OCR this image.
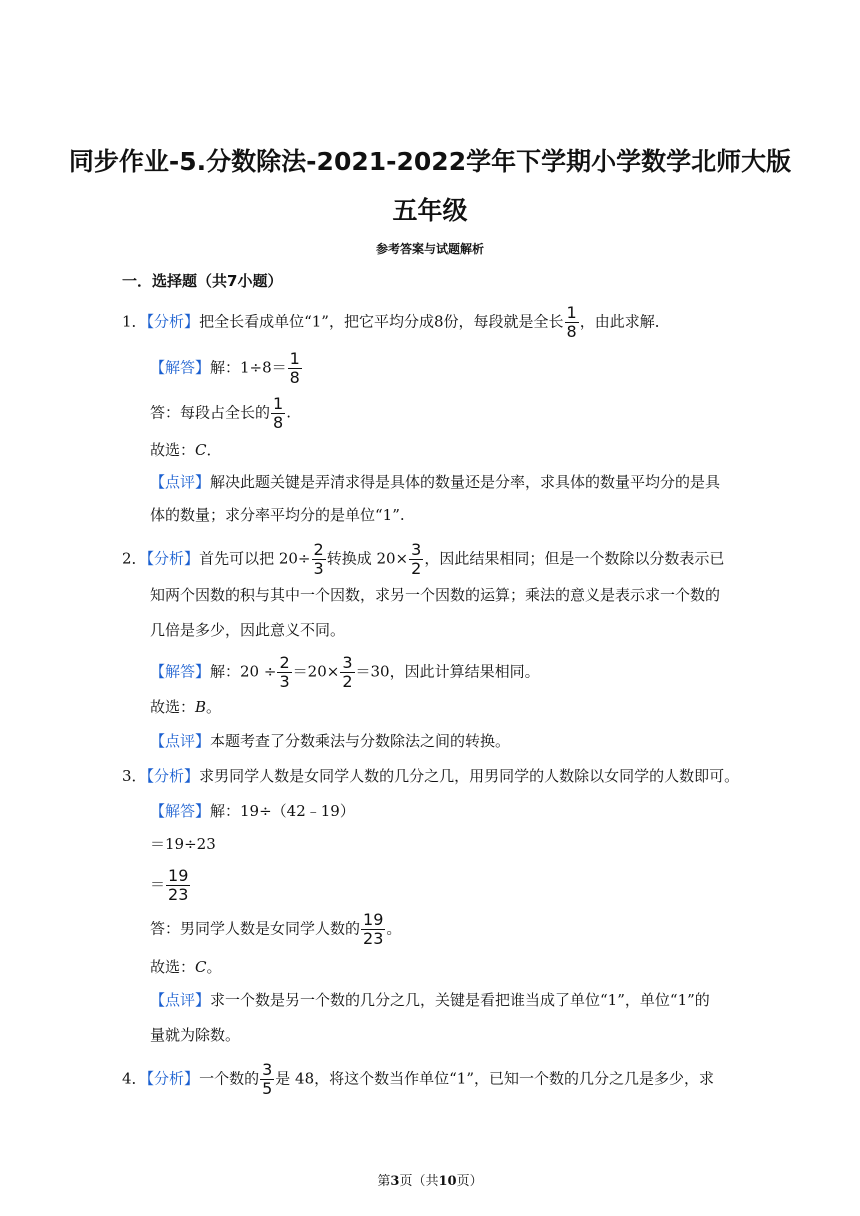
同步作业-5.分数除法-2021-2022学年下学期小学数学北师大版
五年级
参考答案与试题解析
一．选择题（共7小题）
1．【分析】把全长看成单位“1”，把它平均分成8份，每段就是全长 $\frac{1}{8}$ ，由此求解．
【解答】解：$1\div 8= \frac{1}{8}$
答：每段占全长的 $\frac{1}{8}$ .
故选：C．
【点评】解决此题关键是弄清求得是具体的数量还是分率，求具体的数量平均分的是具
体的数量；求分率平均分的是单位“1”.
2．【分析】首先可以把 $20\div \frac{2}{3}$ 转换成 $20\times \frac{3}{2}$ ，因此结果相同；但是一个数除以分数表示已
知两个因数的积与其中一个因数，求另一个因数的运算；乘法的意义是表示求一个数的
几倍是多少，因此意义不同。
【解答】解：$20 \div \frac{2}{3} =20\times \frac{3}{2} =30$，因此计算结果相同。
故选：B。
【点评】本题考查了分数乘法与分数除法之间的转换。
3．【分析】求男同学人数是女同学人数的几分之几，用男同学的人数除以女同学的人数即可。
【解答】解：19÷（42﹣19）
＝19÷23
＝ $\frac{19}{23}$
答：男同学人数是女同学人数的 $\frac{19}{23}$ 。
故选：C。
【点评】求一个数是另一个数的几分之几，关键是看把谁当成了单位“1”，单位“1”的
量就为除数。
4．【分析】一个数的 $\frac{3}{5}$ 是 48，将这个数当作单位“1”，已知一个数的几分之几是多少，求
第3页（共10页）
